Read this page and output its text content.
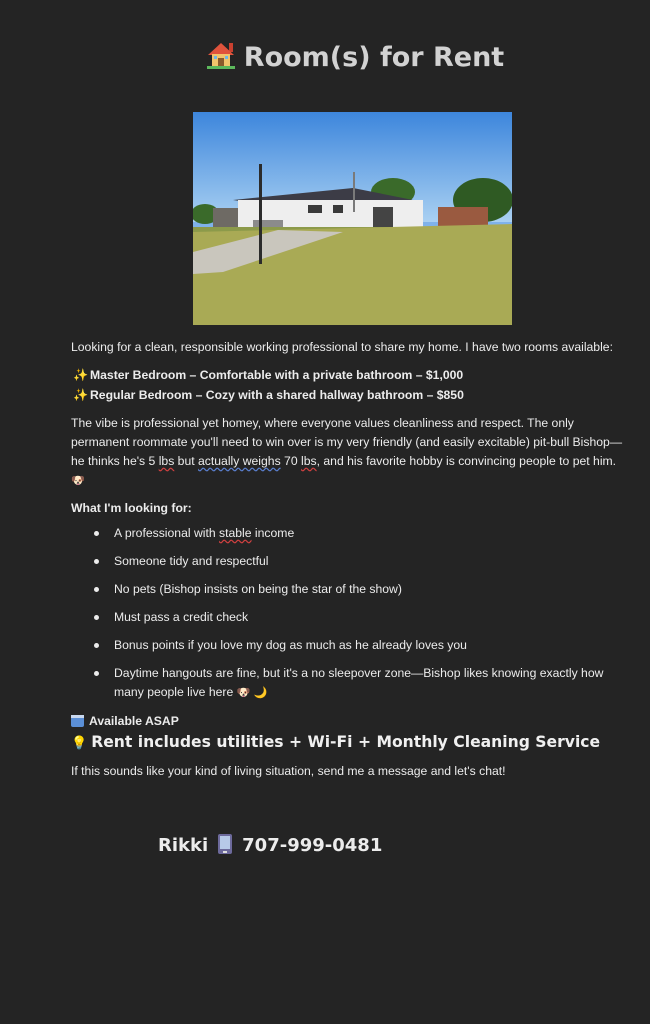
Room(s) for Rent

Looking for a clean, responsible working professional to share my home. I have two rooms available:

✨ Master Bedroom – Comfortable with a private bathroom – $1,000

✨ Regular Bedroom – Cozy with a shared hallway bathroom – $850

The vibe is professional yet homey, where everyone values cleanliness and respect. The only permanent roommate you'll need to win over is my very friendly (and easily excitable) pit-bull Bishop—he thinks he's 5 lbs but actually weighs 70 lbs, and his favorite hobby is convincing people to pet him. 🐶

What I'm looking for:

A professional with stable income
Someone tidy and respectful
No pets (Bishop insists on being the star of the show)
Must pass a credit check
Bonus points if you love my dog as much as he already loves you
Daytime hangouts are fine, but it's a no sleepover zone—Bishop likes knowing exactly how many people live here 🐶 🌙

Available ASAP

💡 Rent includes utilities + Wi-Fi + Monthly Cleaning Service

If this sounds like your kind of living situation, send me a message and let's chat!

Rikki 707-999-0481
